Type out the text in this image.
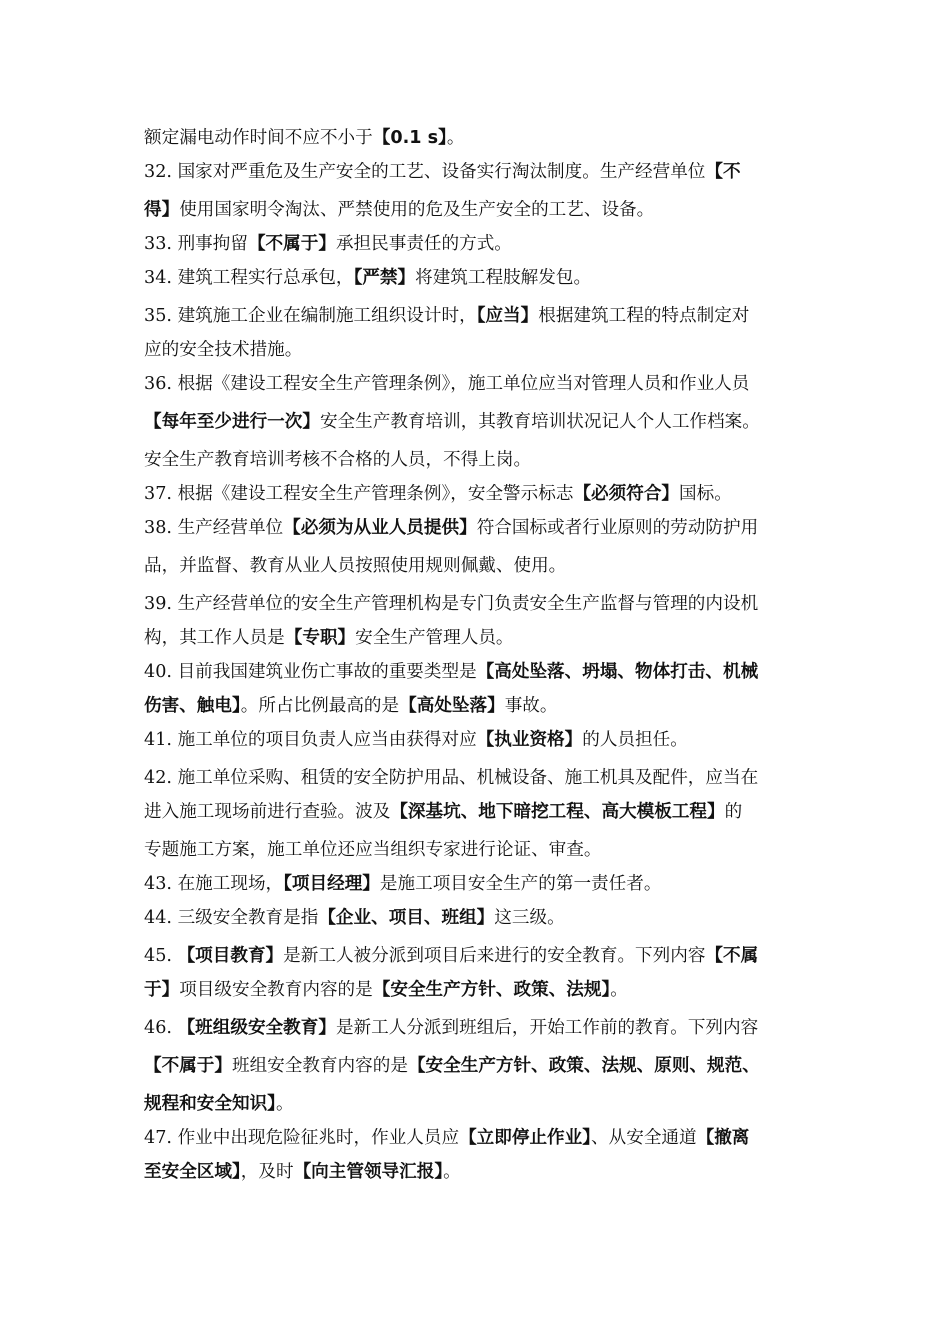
额定漏电动作时间不应不小于【0.1 s】。
32. 国家对严重危及生产安全的工艺、设备实行淘汰制度。生产经营单位【不
得】使用国家明令淘汰、严禁使用的危及生产安全的工艺、设备。
33. 刑事拘留【不属于】承担民事责任的方式。
34. 建筑工程实行总承包，【严禁】将建筑工程肢解发包。
35. 建筑施工企业在编制施工组织设计时，【应当】根据建筑工程的特点制定对
应的安全技术措施。
36. 根据《建设工程安全生产管理条例》，施工单位应当对管理人员和作业人员
【每年至少进行一次】安全生产教育培训，其教育培训状况记人个人工作档案。
安全生产教育培训考核不合格的人员，不得上岗。
37. 根据《建设工程安全生产管理条例》，安全警示标志【必须符合】国标。
38. 生产经营单位【必须为从业人员提供】符合国标或者行业原则的劳动防护用
品，并监督、教育从业人员按照使用规则佩戴、使用。
39. 生产经营单位的安全生产管理机构是专门负责安全生产监督与管理的内设机
构，其工作人员是【专职】安全生产管理人员。
40. 目前我国建筑业伤亡事故的重要类型是【高处坠落、坍塌、物体打击、机械
伤害、触电】。所占比例最高的是【高处坠落】事故。
41. 施工单位的项目负责人应当由获得对应【执业资格】的人员担任。
42. 施工单位采购、租赁的安全防护用品、机械设备、施工机具及配件，应当在
进入施工现场前进行查验。波及【深基坑、地下暗挖工程、高大模板工程】的
专题施工方案，施工单位还应当组织专家进行论证、审查。
43. 在施工现场，【项目经理】是施工项目安全生产的第一责任者。
44. 三级安全教育是指【企业、项目、班组】这三级。
45. 【项目教育】是新工人被分派到项目后来进行的安全教育。下列内容【不属
于】项目级安全教育内容的是【安全生产方针、政策、法规】。
46. 【班组级安全教育】是新工人分派到班组后，开始工作前的教育。下列内容
【不属于】班组安全教育内容的是【安全生产方针、政策、法规、原则、规范、
规程和安全知识】。
47. 作业中出现危险征兆时，作业人员应【立即停止作业】、从安全通道【撤离
至安全区域】，及时【向主管领导汇报】。
